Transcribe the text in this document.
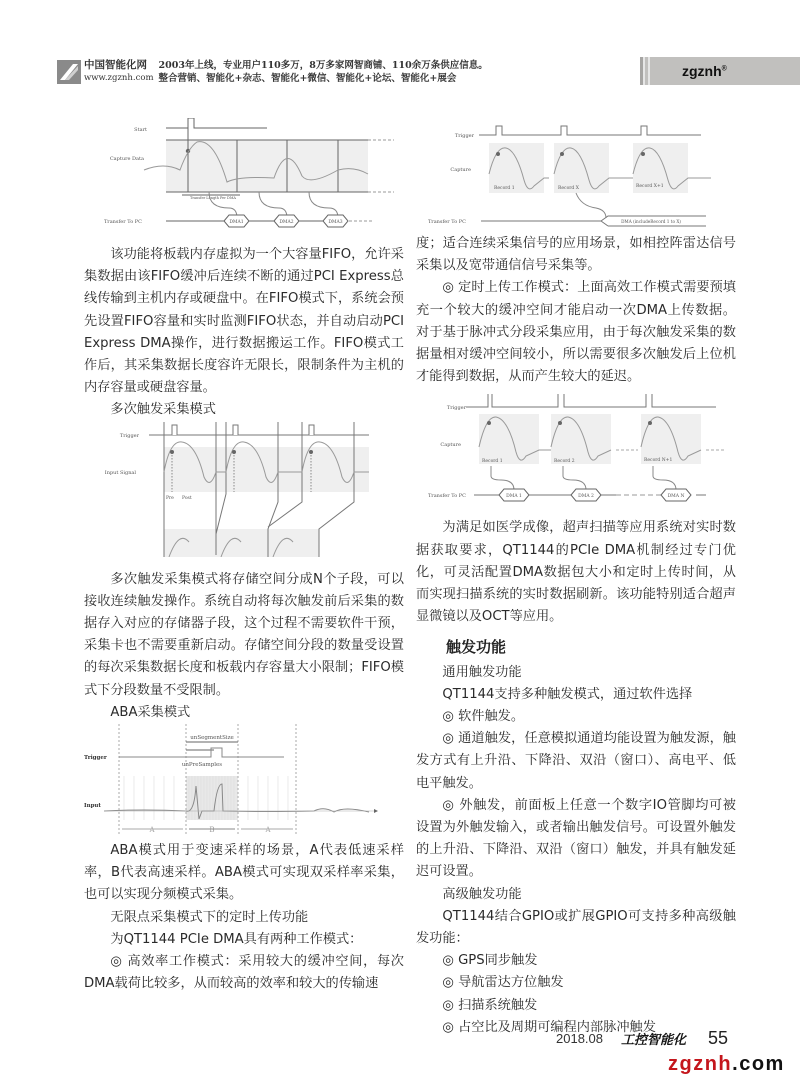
中国智能化网
www.zgznh.com
2003年上线，专业用户110多万，8万多家网智商铺、110余万条供应信息。
整合营销、智能化+杂志、智能化+微信、智能化+论坛、智能化+展会	zgznh®
Start
Capture Data
Transfer Length Per DMA
DMA1	DMA2	DMA3
Transfer To PC
该功能将板载内存虚拟为一个大容量FIFO，允许采集数据由该FIFO缓冲后连续不断的通过PCI Express总线传输到主机内存或硬盘中。在FIFO模式下，系统会预先设置FIFO容量和实时监测FIFO状态，并自动启动PCI Express DMA操作，进行数据搬运工作。FIFO模式工作后，其采集数据长度容许无限长，限制条件为主机的内存容量或硬盘容量。
多次触发采集模式
Trigger
Input Signal
Pre Post
多次触发采集模式将存储空间分成N个子段，可以接收连续触发操作。系统自动将每次触发前后采集的数据存入对应的存储器子段，这个过程不需要软件干预，采集卡也不需要重新启动。存储空间分段的数量受设置的每次采集数据长度和板载内存容量大小限制；FIFO模式下分段数量不受限制。
ABA采集模式
unSegmentSize
unPreSamples
Trigger
Input
A	B	A
ABA模式用于变速采样的场景，A代表低速采样率，B代表高速采样。ABA模式可实现双采样率采集，也可以实现分频模式采集。
无限点采集模式下的定时上传功能
为QT1144 PCIe DMA具有两种工作模式：
◎ 高效率工作模式：采用较大的缓冲空间，每次DMA载荷比较多，从而较高的效率和较大的传输速
Record 1	Record X	Record X+1
DMA (includeRecord 1 to X)
Trigger
Capture
Transfer To PC
度；适合连续采集信号的应用场景，如相控阵雷达信号采集以及宽带通信信号采集等。
◎ 定时上传工作模式：上面高效工作模式需要预填充一个较大的缓冲空间才能启动一次DMA上传数据。对于基于脉冲式分段采集应用，由于每次触发采集的数据量相对缓冲空间较小，所以需要很多次触发后上位机才能得到数据，从而产生较大的延迟。
Record 1	Record 2	Record N+1
DMA 1	DMA 2	DMA N
Trigger
Capture
Transfer To PC
为满足如医学成像，超声扫描等应用系统对实时数据获取要求，QT1144的PCIe DMA机制经过专门优化，可灵活配置DMA数据包大小和定时上传时间，从而实现扫描系统的实时数据刷新。该功能特别适合超声显微镜以及OCT等应用。
触发功能
通用触发功能
QT1144支持多种触发模式，通过软件选择
◎ 软件触发。
◎ 通道触发，任意模拟通道均能设置为触发源，触发方式有上升沿、下降沿、双沿（窗口）、高电平、低电平触发。
◎ 外触发，前面板上任意一个数字IO管脚均可被设置为外触发输入，或者输出触发信号。可设置外触发的上升沿、下降沿、双沿（窗口）触发，并具有触发延迟可设置。
高级触发功能
QT1144结合GPIO或扩展GPIO可支持多种高级触发功能：
◎ GPS同步触发
◎ 导航雷达方位触发
◎ 扫描系统触发
◎ 占空比及周期可编程内部脉冲触发
2018.08 工控智能化 55
zgznh.com
